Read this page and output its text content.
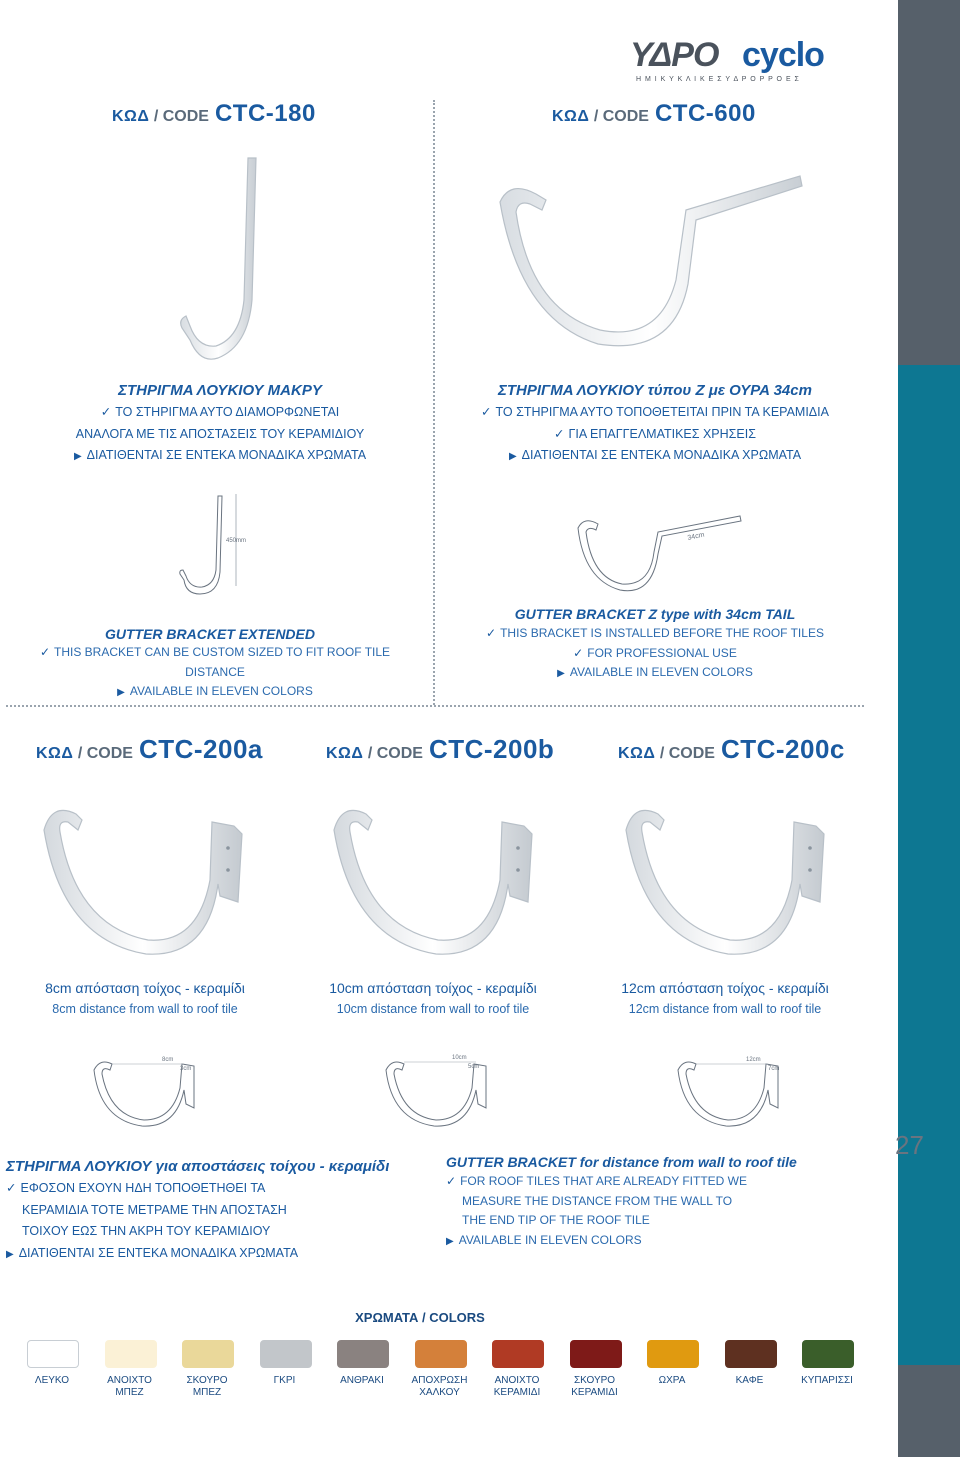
ΥΔΡΟ cyclo
Η Μ Ι Κ Υ Κ Λ Ι Κ Ε Σ Υ Δ Ρ Ο Ρ Ρ Ο Ε Σ
ΚΩΔ / CODE CTC-180
ΣΤΗΡΙΓΜΑ ΛΟΥΚΙΟΥ ΜΑΚΡΥ
✓ ΤΟ ΣΤΗΡΙΓΜΑ ΑΥΤΟ ΔΙΑΜΟΡΦΩΝΕΤΑΙ
ΑΝΑΛΟΓΑ ΜΕ ΤΙΣ ΑΠΟΣΤΑΣΕΙΣ ΤΟΥ ΚΕΡΑΜΙΔΙΟΥ
▶ ΔΙΑΤΙΘΕΝΤΑΙ ΣΕ ΕΝΤΕΚΑ ΜΟΝΑΔΙΚΑ ΧΡΩΜΑΤΑ
450mm
GUTTER BRACKET EXTENDED
✓ THIS BRACKET CAN BE CUSTOM SIZED TO FIT ROOF TILE DISTANCE
▶ AVAILABLE IN ELEVEN COLORS
ΚΩΔ / CODE CTC-600
ΣΤΗΡΙΓΜΑ ΛΟΥΚΙΟΥ τύπου Z με ΟΥΡΑ 34cm
✓ ΤΟ ΣΤΗΡΙΓΜΑ ΑΥΤΟ ΤΟΠΟΘΕΤΕΙΤΑΙ ΠΡΙΝ ΤΑ ΚΕΡΑΜΙΔΙΑ
✓ ΓΙΑ ΕΠΑΓΓΕΛΜΑΤΙΚΕΣ ΧΡΗΣΕΙΣ
▶ ΔΙΑΤΙΘΕΝΤΑΙ ΣΕ ΕΝΤΕΚΑ ΜΟΝΑΔΙΚΑ ΧΡΩΜΑΤΑ
34cm
GUTTER BRACKET Z type with 34cm TAIL
✓ THIS BRACKET IS INSTALLED BEFORE THE ROOF TILES
✓ FOR PROFESSIONAL USE
▶ AVAILABLE IN ELEVEN COLORS
ΚΩΔ / CODE CTC-200a	ΚΩΔ / CODE CTC-200b	ΚΩΔ / CODE CTC-200c
8cm απόσταση τοίχος - κεραμίδι
8cm distance from wall to roof tile
10cm απόσταση τοίχος - κεραμίδι
10cm distance from wall to roof tile
12cm απόσταση τοίχος - κεραμίδι
12cm distance from wall to roof tile
8cm
3cm
10cm
5cm
12cm
7cm
ΣΤΗΡΙΓΜΑ ΛΟΥΚΙΟΥ για αποστάσεις τοίχου - κεραμίδι
✓ ΕΦΟΣΟΝ ΕΧΟΥΝ ΗΔΗ ΤΟΠΟΘΕΤΗΘΕΙ ΤΑ
ΚΕΡΑΜΙΔΙΑ ΤΟΤΕ ΜΕΤΡΑΜΕ ΤΗΝ ΑΠΟΣΤΑΣΗ
ΤΟΙΧΟΥ ΕΩΣ ΤΗΝ ΑΚΡΗ ΤΟΥ ΚΕΡΑΜΙΔΙΟΥ
▶ ΔΙΑΤΙΘΕΝΤΑΙ ΣΕ ΕΝΤΕΚΑ ΜΟΝΑΔΙΚΑ ΧΡΩΜΑΤΑ
GUTTER BRACKET for distance from wall to roof tile
✓ FOR ROOF TILES THAT ARE ALREADY FITTED WE
MEASURE THE DISTANCE FROM THE WALL TO
THE END TIP OF THE ROOF TILE
▶ AVAILABLE IN ELEVEN COLORS
27
ΧΡΩΜΑΤΑ / COLORS
ΛΕΥΚΟ	ΑΝΟΙΧΤΟ
ΜΠΕΖ
ΣΚΟΥΡΟ
ΜΠΕΖ
ΓΚΡΙ	ΑΝΘΡΑΚΙ	ΑΠΟΧΡΩΣΗ
ΧΑΛΚΟΥ
ΑΝΟΙΧΤΟ
ΚΕΡΑΜΙΔΙ
ΣΚΟΥΡΟ
ΚΕΡΑΜΙΔΙ
ΩΧΡΑ	ΚΑΦΕ	ΚΥΠΑΡΙΣΣΙ
